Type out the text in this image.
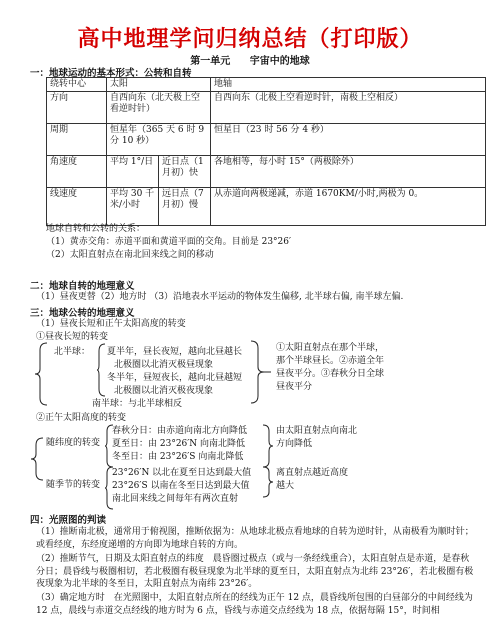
高中地理学问归纳总结（打印版）
第一单元 宇宙中的地球
一：地球运动的基本形式：公转和自转
绕转中心	太阳		地轴
方向	自西向东（北天极上空看逆时针）		自西向东（北极上空看逆时针，南极上空相反）
周期	恒星年（365 天 6 时 9 分 10 秒）		恒星日（23 时 56 分 4 秒）
角速度	平均 1°/日	近日点（1 月初）快	各地相等，每小时 15°（两极除外）
线速度	平均 30 千米/小时	远日点（7 月初）慢	从赤道向两极递减，赤道 1670KM/小时,两极为 0。
地球自转和公转的关系：
（1）黄赤交角：赤道平面和黄道平面的交角。目前是 23°26′
（2）太阳直射点在南北回来线之间的移动
二：地球自转的地理意义
（1）昼夜更替（2）地方时 （3）沿地表水平运动的物体发生偏移, 北半球右偏, 南半球左偏.
三：地球公转的地理意义
（1）昼夜长短和正午太阳高度的转变
①昼夜长短的转变
北半球： 夏半年，昼长夜短，越向北昼越长
北极圈以北消灭极昼现象
冬半年，昼短夜长，越向北昼越短
北极圈以北消灭极夜现象
南半球：与北半球相反
①太阳直射点在那个半球，
那个半球昼长。②赤道全年
昼夜平分。③春秋分日全球
昼夜平分
②正午太阳高度的转变
随纬度的转变
春秋分日：由赤道向南北方向降低
夏至日：由 23°26′N 向南北降低
冬至日：由 23°26′S 向南北降低
由太阳直射点向南北
方向降低
随季节的转变
23°26′N 以北在夏至日达到最大值
23°26′S 以南在冬至日达到最大值
南北回来线之间每年有两次直射
离直射点越近高度
越大
四：光照图的判读
（1）推断南北极，通常用于俯视图，推断依据为：从地球北极点看地球的自转为逆时针，从南极看为顺时针；或看经度，东经度递增的方向即为地球自转的方向。
（2）推断节气，日期及太阳直射点的纬度　晨昏圈过极点（或与一条经线重合），太阳直射点是赤道，是春秋分日；晨昏线与极圈相切，若北极圈有极昼现象为北半球的夏至日，太阳直射点为北纬 23°26′，若北极圈有极夜现象为北半球的冬至日，太阳直射点为南纬 23°26′。
（3）确定地方时　在光照图中，太阳直射点所在的经线为正午 12 点，晨昏线所包围的白昼部分的中间经线为 12 点，晨线与赤道交点经线的地方时为 6 点，昏线与赤道交点经线为 18 点，依据每隔 15°，时间相
